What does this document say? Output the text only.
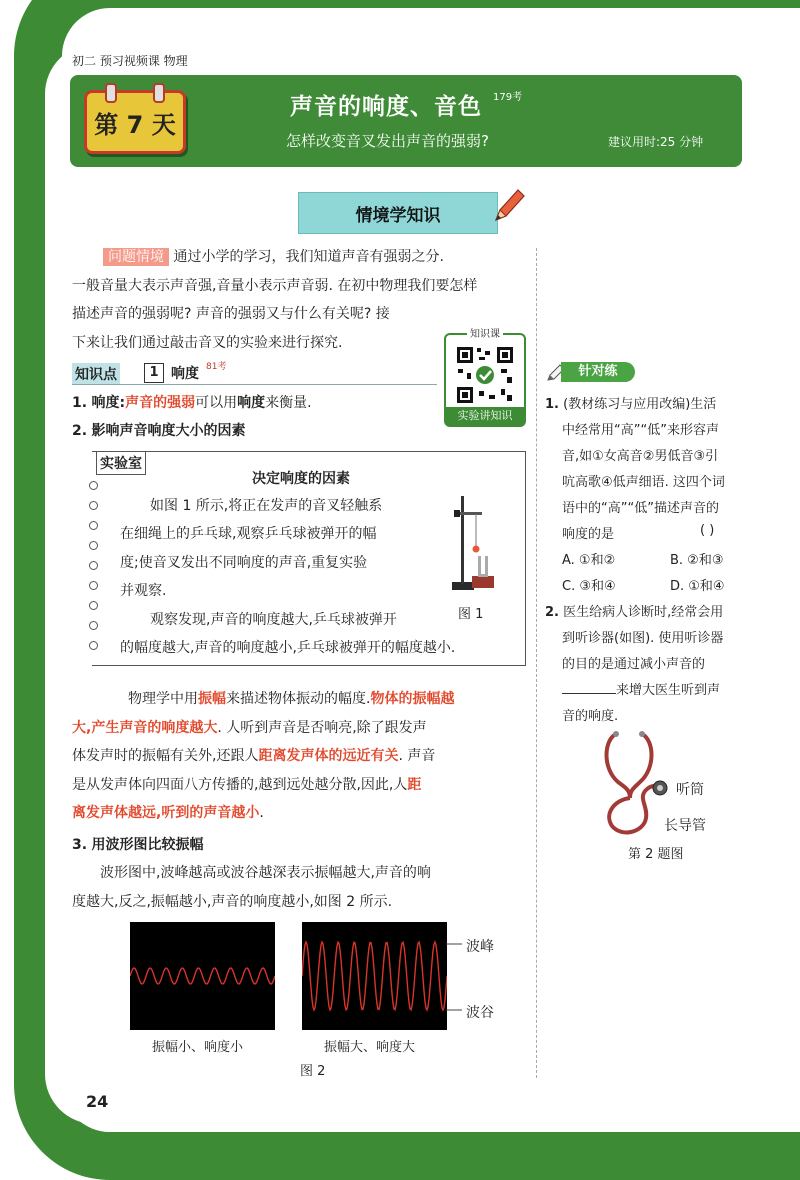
初二 预习视频课 物理
第 7 天
声音的响度、音色 179考
怎样改变音叉发出声音的强弱?	建议用时:25 分钟
情境学知识
问题情境 通过小学的学习，我们知道声音有强弱之分.
一般音量大表示声音强,音量小表示声音弱. 在初中物理我们要怎样
描述声音的强弱呢? 声音的强弱又与什么有关呢? 接
下来让我们通过敲击音叉的实验来进行探究.
知识课
实验讲知识
知识点	1 响度 81考
1. 响度:声音的强弱可以用响度来衡量.
2. 影响声音响度大小的因素
实验室
决定响度的因素
如图 1 所示,将正在发声的音叉轻触系
在细绳上的乒乓球,观察乒乓球被弹开的幅
度;使音叉发出不同响度的声音,重复实验
并观察.
观察发现,声音的响度越大,乒乓球被弹开
的幅度越大,声音的响度越小,乒乓球被弹开的幅度越小.
图 1
物理学中用振幅来描述物体振动的幅度.物体的振幅越
大,产生声音的响度越大. 人听到声音是否响亮,除了跟发声
体发声时的振幅有关外,还跟人距离发声体的远近有关. 声音
是从发声体向四面八方传播的,越到远处越分散,因此,人距
离发声体越远,听到的声音越小.
3. 用波形图比较振幅
波形图中,波峰越高或波谷越深表示振幅越大,声音的响
度越大,反之,振幅越小,声音的响度越小,如图 2 所示.
波峰
波谷
振幅小、响度小	振幅大、响度大
图 2
针对练
1. (教材练习与应用改编)生活
中经常用“高”“低”来形容声
音,如①女高音②男低音③引
吭高歌④低声细语. 这四个词
语中的“高”“低”描述声音的
响度的是	( )
A. ①和②	B. ②和③
C. ③和④	D. ①和④
2. 医生给病人诊断时,经常会用
到听诊器(如图). 使用听诊器
的目的是通过减小声音的
来增大医生听到声
音的响度.
听筒
长导管
第 2 题图
24
